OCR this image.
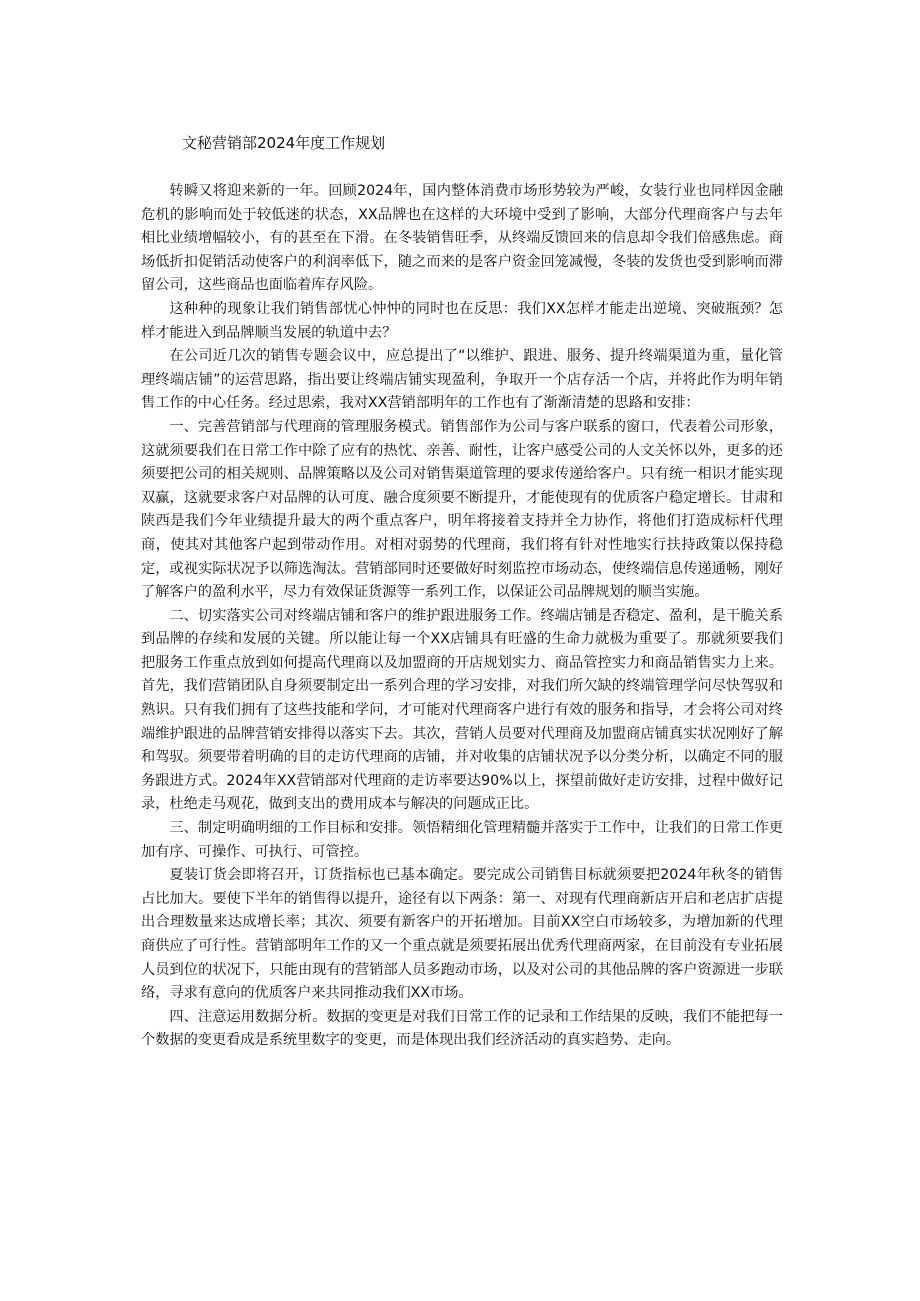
文秘营销部2024年度工作规划

转瞬又将迎来新的一年。回顾2024年，国内整体消费市场形势较为严峻，女装行业也同样因金融危机的影响而处于较低迷的状态，XX品牌也在这样的大环境中受到了影响，大部分代理商客户与去年相比业绩增幅较小，有的甚至在下滑。在冬装销售旺季，从终端反馈回来的信息却令我们倍感焦虑。商场低折扣促销活动使客户的利润率低下，随之而来的是客户资金回笼减慢，冬装的发货也受到影响而滞留公司，这些商品也面临着库存风险。

这种种的现象让我们销售部忧心忡忡的同时也在反思：我们XX怎样才能走出逆境、突破瓶颈？怎样才能进入到品牌顺当发展的轨道中去？

在公司近几次的销售专题会议中，应总提出了“以维护、跟进、服务、提升终端渠道为重，量化管理终端店铺”的运营思路，指出要让终端店铺实现盈利，争取开一个店存活一个店，并将此作为明年销售工作的中心任务。经过思索，我对XX营销部明年的工作也有了渐渐清楚的思路和安排：

一、完善营销部与代理商的管理服务模式。销售部作为公司与客户联系的窗口，代表着公司形象，这就须要我们在日常工作中除了应有的热忱、亲善、耐性，让客户感受公司的人文关怀以外，更多的还须要把公司的相关规则、品牌策略以及公司对销售渠道管理的要求传递给客户。只有统一相识才能实现双赢，这就要求客户对品牌的认可度、融合度须要不断提升，才能使现有的优质客户稳定增长。甘肃和陕西是我们今年业绩提升最大的两个重点客户，明年将接着支持并全力协作，将他们打造成标杆代理商，使其对其他客户起到带动作用。对相对弱势的代理商，我们将有针对性地实行扶持政策以保持稳定，或视实际状况予以筛选淘汰。营销部同时还要做好时刻监控市场动态，使终端信息传递通畅，刚好了解客户的盈利水平，尽力有效保证货源等一系列工作，以保证公司品牌规划的顺当实施。

二、切实落实公司对终端店铺和客户的维护跟进服务工作。终端店铺是否稳定、盈利，是干脆关系到品牌的存续和发展的关键。所以能让每一个XX店铺具有旺盛的生命力就极为重要了。那就须要我们把服务工作重点放到如何提高代理商以及加盟商的开店规划实力、商品管控实力和商品销售实力上来。首先，我们营销团队自身须要制定出一系列合理的学习安排，对我们所欠缺的终端管理学问尽快驾驭和熟识。只有我们拥有了这些技能和学问，才可能对代理商客户进行有效的服务和指导，才会将公司对终端维护跟进的品牌营销安排得以落实下去。其次，营销人员要对代理商及加盟商店铺真实状况刚好了解和驾驭。须要带着明确的目的走访代理商的店铺，并对收集的店铺状况予以分类分析，以确定不同的服务跟进方式。2024年XX营销部对代理商的走访率要达90%以上，探望前做好走访安排，过程中做好记录，杜绝走马观花，做到支出的费用成本与解决的问题成正比。

三、制定明确明细的工作目标和安排。领悟精细化管理精髓并落实于工作中，让我们的日常工作更加有序、可操作、可执行、可管控。

夏装订货会即将召开，订货指标也已基本确定。要完成公司销售目标就须要把2024年秋冬的销售占比加大。要使下半年的销售得以提升，途径有以下两条：第一、对现有代理商新店开启和老店扩店提出合理数量来达成增长率；其次、须要有新客户的开拓增加。目前XX空白市场较多，为增加新的代理商供应了可行性。营销部明年工作的又一个重点就是须要拓展出优秀代理商两家，在目前没有专业拓展人员到位的状况下，只能由现有的营销部人员多跑动市场，以及对公司的其他品牌的客户资源进一步联络，寻求有意向的优质客户来共同推动我们XX市场。

四、注意运用数据分析。数据的变更是对我们日常工作的记录和工作结果的反映，我们不能把每一个数据的变更看成是系统里数字的变更，而是体现出我们经济活动的真实趋势、走向。
